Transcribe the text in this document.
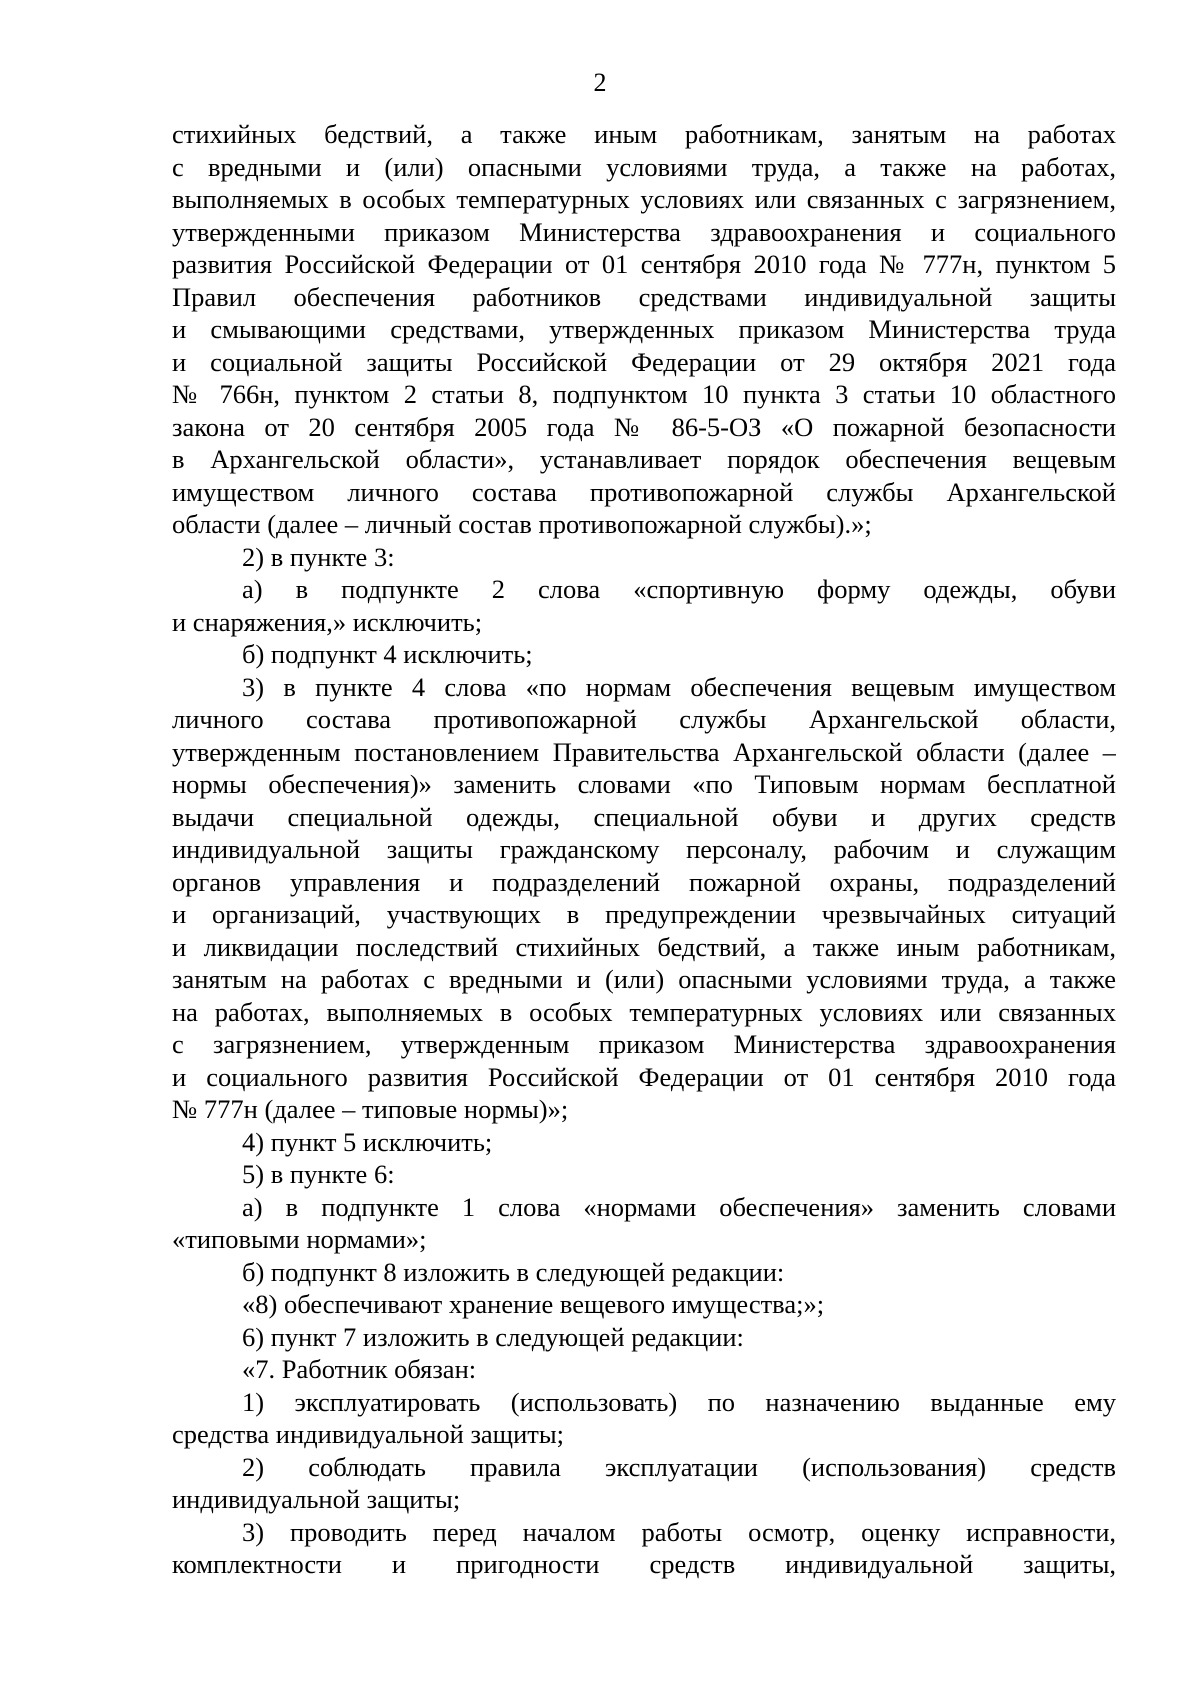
2
стихийных бедствий, а также иным работникам, занятым на работах
с вредными и (или) опасными условиями труда, а также на работах,
выполняемых в особых температурных условиях или связанных с загрязнением,
утвержденными приказом Министерства здравоохранения и социального
развития Российской Федерации от 01 сентября 2010 года № 777н, пунктом 5
Правил обеспечения работников средствами индивидуальной защиты
и смывающими средствами, утвержденных приказом Министерства труда
и социальной защиты Российской Федерации от 29 октября 2021 года
№ 766н, пунктом 2 статьи 8, подпунктом 10 пункта 3 статьи 10 областного
закона от 20 сентября 2005 года № 86-5-ОЗ «О пожарной безопасности
в Архангельской области», устанавливает порядок обеспечения вещевым
имуществом личного состава противопожарной службы Архангельской
области (далее – личный состав противопожарной службы).»;
2) в пункте 3:
а) в подпункте 2 слова «спортивную форму одежды, обуви
и снаряжения,» исключить;
б) подпункт 4 исключить;
3) в пункте 4 слова «по нормам обеспечения вещевым имуществом
личного состава противопожарной службы Архангельской области,
утвержденным постановлением Правительства Архангельской области (далее –
нормы обеспечения)» заменить словами «по Типовым нормам бесплатной
выдачи специальной одежды, специальной обуви и других средств
индивидуальной защиты гражданскому персоналу, рабочим и служащим
органов управления и подразделений пожарной охраны, подразделений
и организаций, участвующих в предупреждении чрезвычайных ситуаций
и ликвидации последствий стихийных бедствий, а также иным работникам,
занятым на работах с вредными и (или) опасными условиями труда, а также
на работах, выполняемых в особых температурных условиях или связанных
с загрязнением, утвержденным приказом Министерства здравоохранения
и социального развития Российской Федерации от 01 сентября 2010 года
№ 777н (далее – типовые нормы)»;
4) пункт 5 исключить;
5) в пункте 6:
а) в подпункте 1 слова «нормами обеспечения» заменить словами
«типовыми нормами»;
б) подпункт 8 изложить в следующей редакции:
«8) обеспечивают хранение вещевого имущества;»;
6) пункт 7 изложить в следующей редакции:
«7. Работник обязан:
1) эксплуатировать (использовать) по назначению выданные ему
средства индивидуальной защиты;
2) соблюдать правила эксплуатации (использования) средств
индивидуальной защиты;
3) проводить перед началом работы осмотр, оценку исправности,
комплектности и пригодности средств индивидуальной защиты,
